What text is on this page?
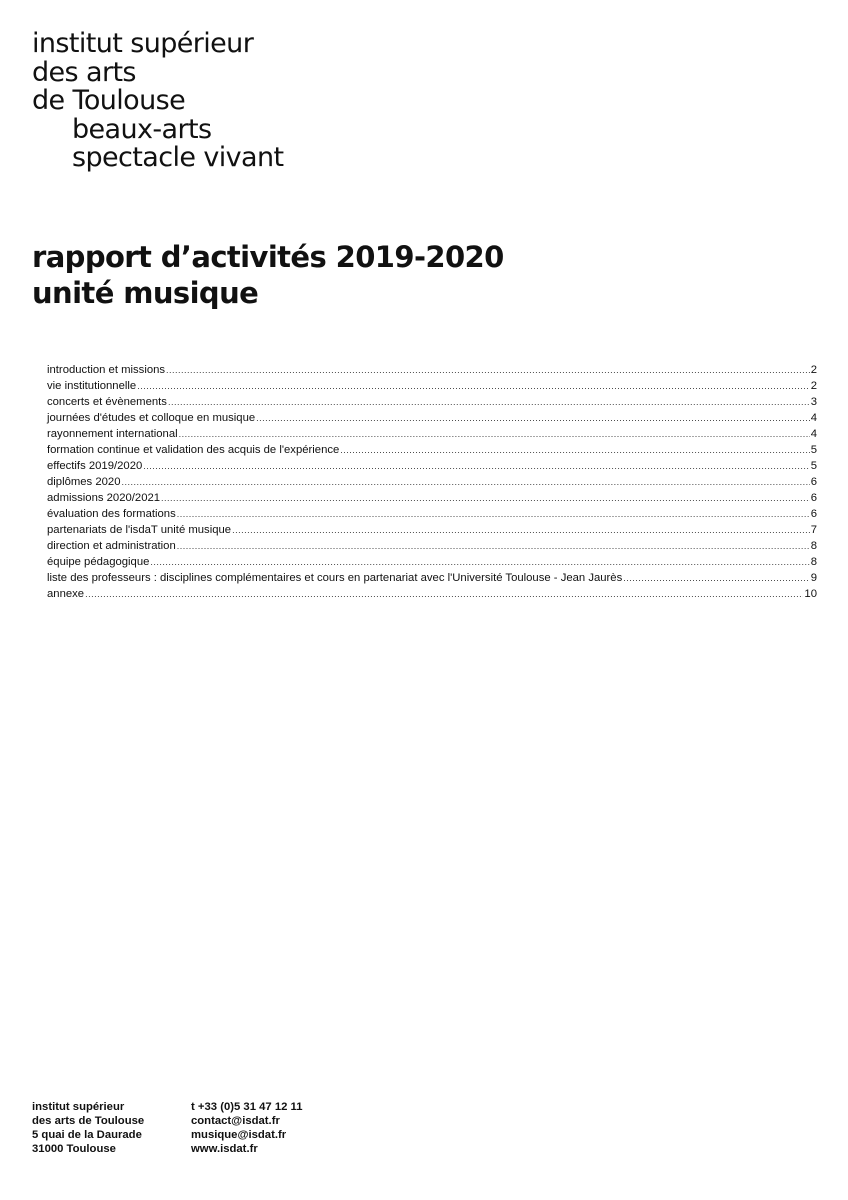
institut supérieur
des arts
de Toulouse
beaux-arts
spectacle vivant
rapport d’activités 2019-2020
unité musique
introduction et missions .....	2
vie institutionnelle .....	2
concerts et évènements .....	3
journées d'études et colloque en musique .....	4
rayonnement international .....	4
formation continue et validation des acquis de l'expérience .....	5
effectifs 2019/2020 .....	5
diplômes 2020 .....	6
admissions 2020/2021 .....	6
évaluation des formations .....	6
partenariats de l'isdaT unité musique .....	7
direction et administration .....	8
équipe pédagogique .....	8
liste des professeurs : disciplines complémentaires et cours en partenariat avec l'Université Toulouse - Jean Jaurès .....	9
annexe .....	10
institut supérieur
des arts de Toulouse
5 quai de la Daurade
31000 Toulouse
t +33 (0)5 31 47 12 11
contact@isdat.fr
musique@isdat.fr
www.isdat.fr
